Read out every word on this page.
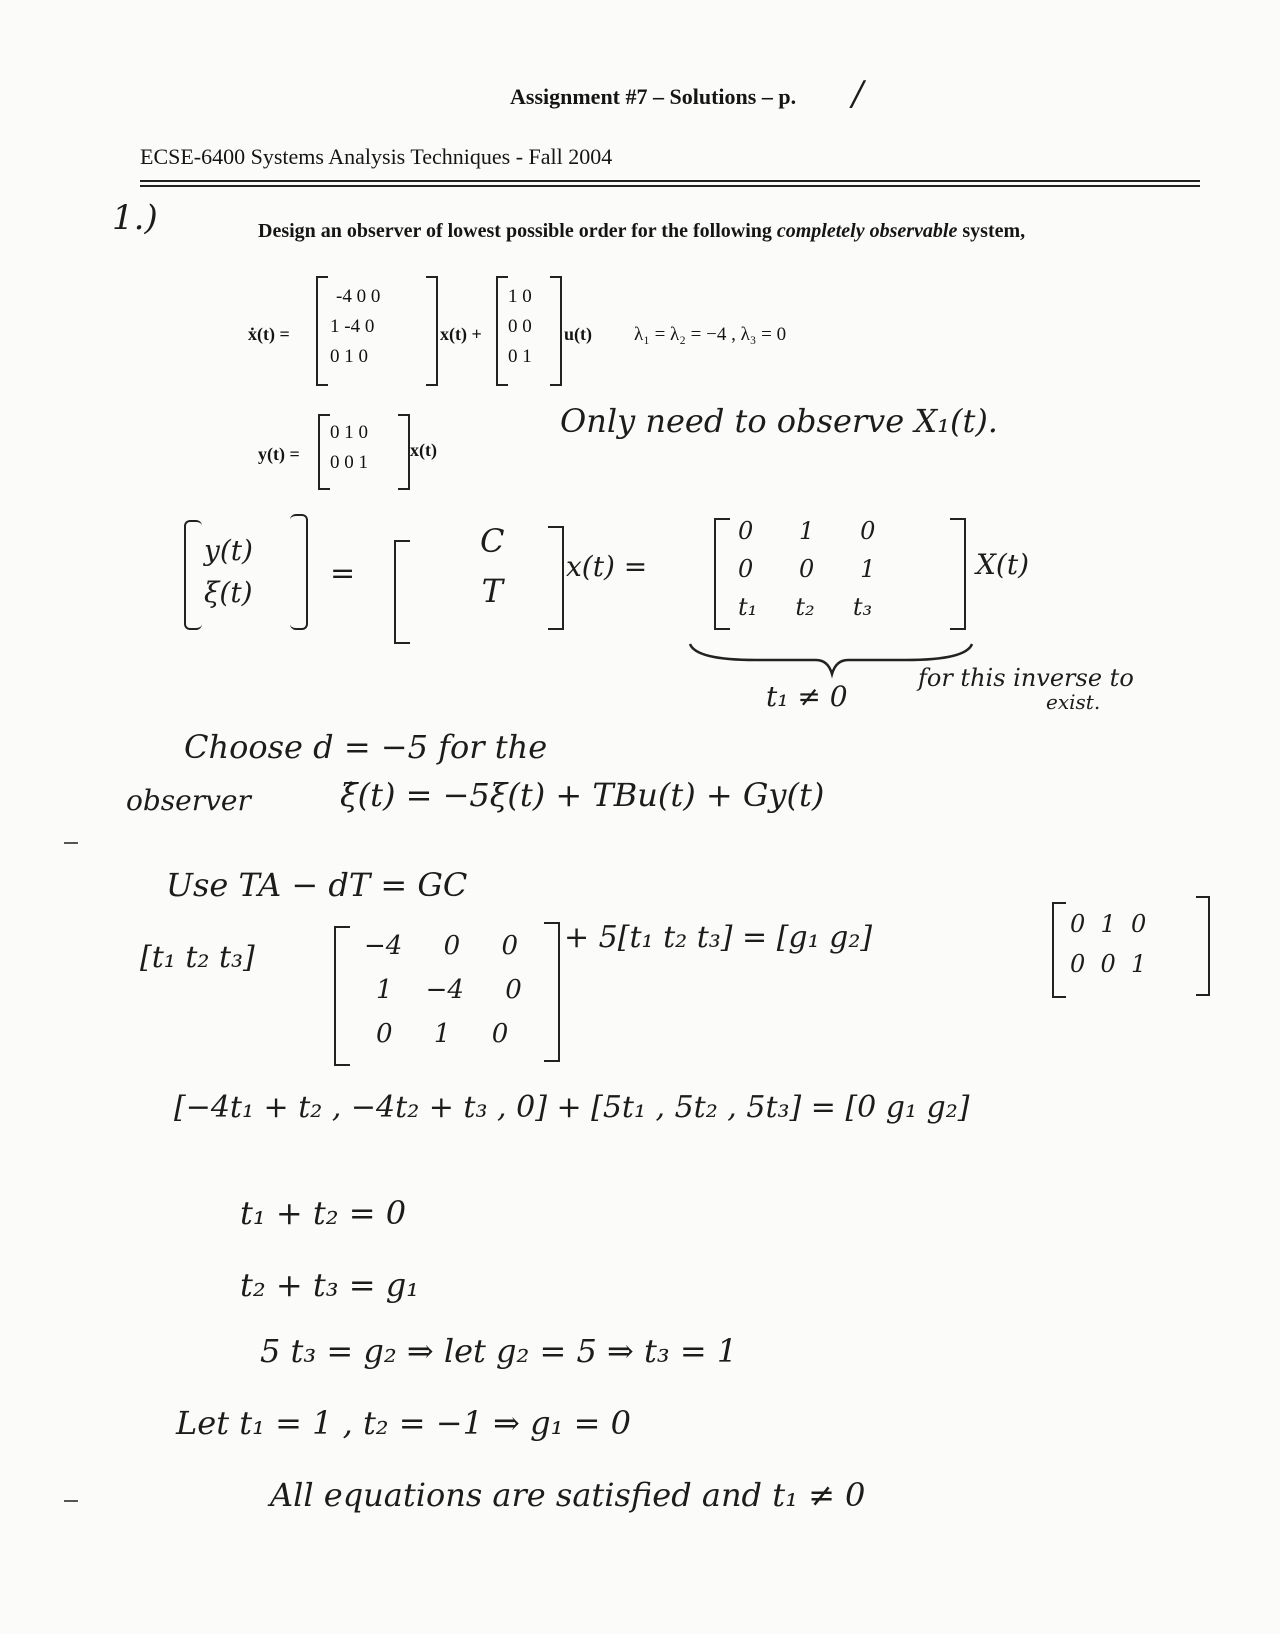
Assignment #7 – Solutions – p. /
ECSE-6400 Systems Analysis Techniques - Fall 2004
1.)	Design an observer of lowest possible order for the following completely observable system,
ẋ(t) =
-4 0 0
1 -4 0
0 1 0
x(t) +
1 0
0 0
0 1
u(t) λ₁ = λ₂ = −4 , λ₃ = 0
y(t) =
0 1 0
0 0 1
x(t)
Only need to observe X₁(t).
y(t)
ξ(t)
=
C
T
x(t) =
0      1      0
0      0      1
t₁     t₂     t₃
X(t)
t₁ ≠ 0
for this inverse to
exist.
Choose d = −5 for the
observer	ξ̇(t) = −5ξ(t) + TBu(t) + Gy(t)
Use TA − dT = GC
[t₁ t₂ t₃]	−4     0     0
1    −4     0
0     1     0
+ 5[t₁ t₂ t₃] = [g₁ g₂]	0  1  0
0  0  1
[−4t₁ + t₂ , −4t₂ + t₃ , 0] + [5t₁ , 5t₂ , 5t₃] = [0 g₁ g₂]
t₁ + t₂ = 0
t₂ + t₃ = g₁
5 t₃ = g₂ ⇒ let g₂ = 5 ⇒ t₃ = 1
Let t₁ = 1 , t₂ = −1 ⇒ g₁ = 0
All equations are satisfied and t₁ ≠ 0
